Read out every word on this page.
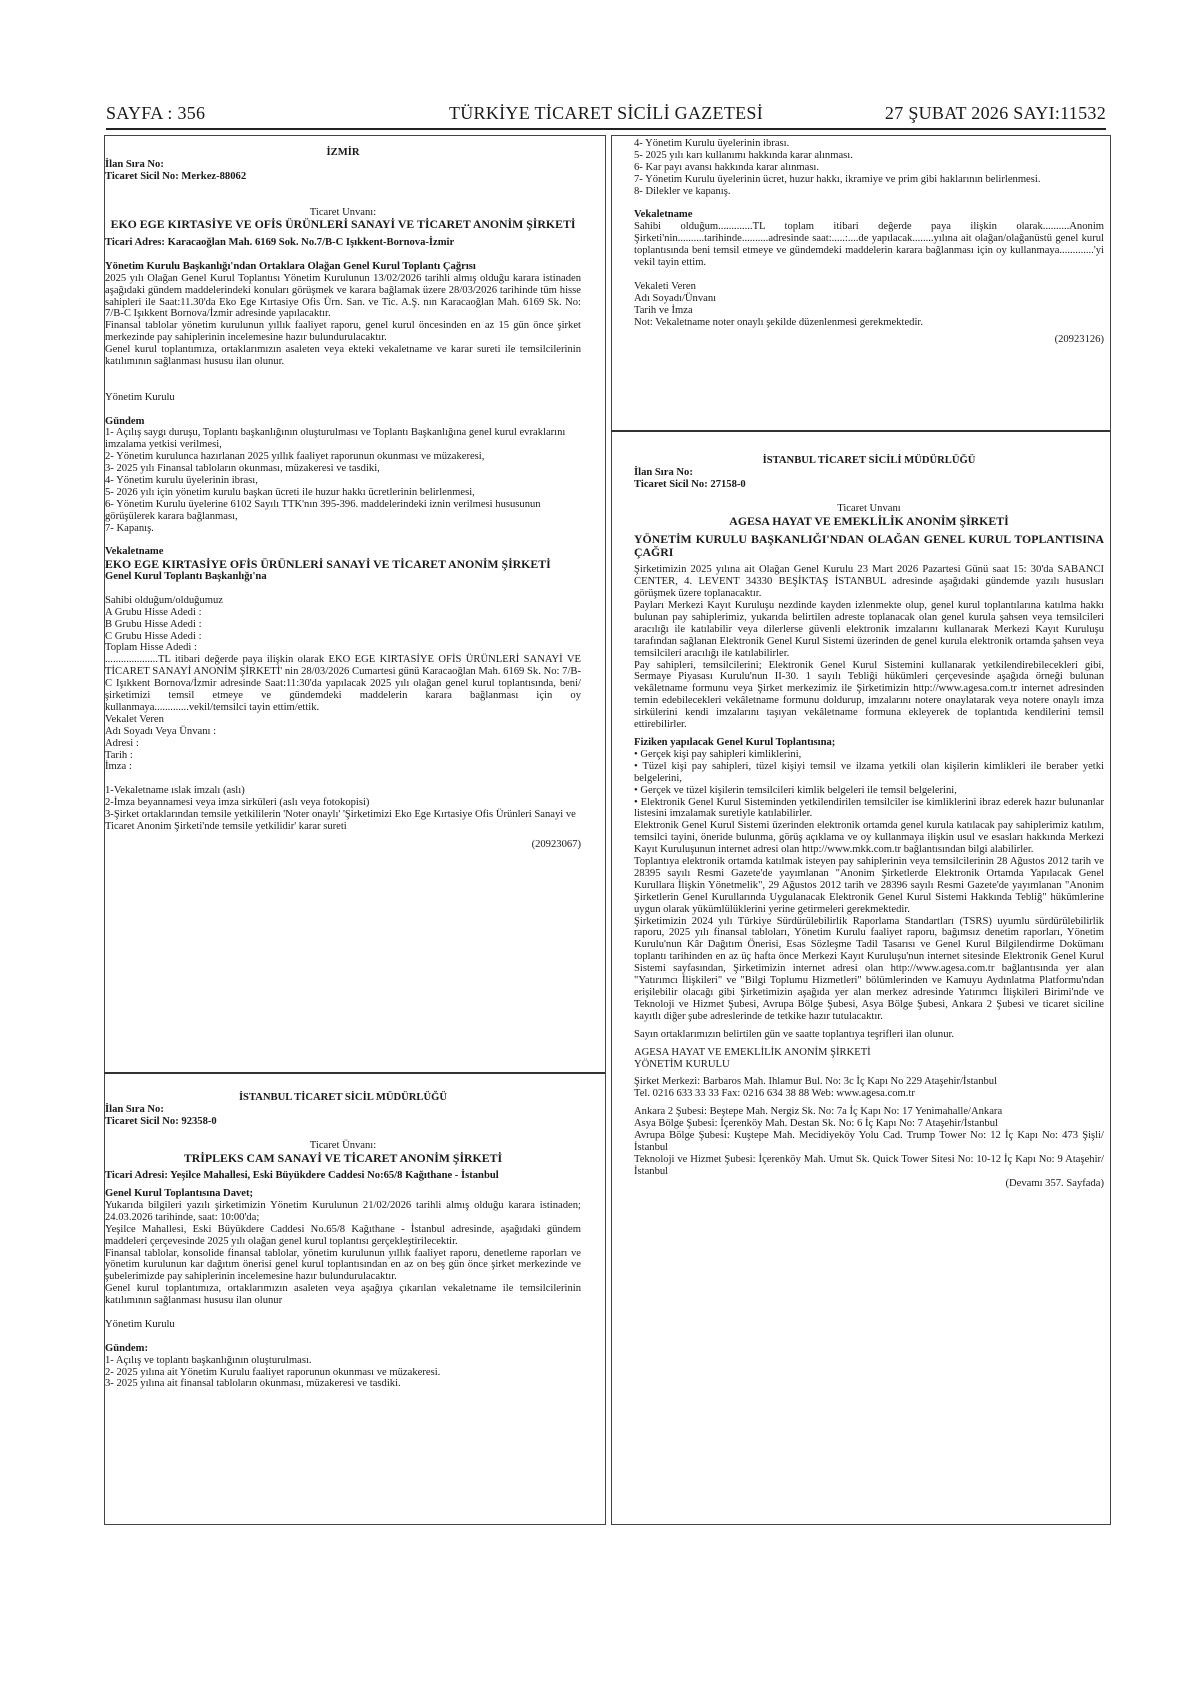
SAYFA : 356	TÜRKİYE TİCARET SİCİLİ GAZETESİ	27 ŞUBAT 2026 SAYI:11532

İZMİR

İlan Sıra No:

Ticaret Sicil No: Merkez-88062

Ticaret Unvanı:

EKO EGE KIRTASİYE VE OFİS ÜRÜNLERİ SANAYİ VE TİCARET ANONİM ŞİRKETİ

Ticari Adres: Karacaoğlan Mah. 6169 Sok. No.7/B-C Işıkkent-Bornova-İzmir

Yönetim Kurulu Başkanlığı'ndan Ortaklara Olağan Genel Kurul Toplantı Çağrısı

2025 yılı Olağan Genel Kurul Toplantısı Yönetim Kurulunun 13/02/2026 tarihli almış olduğu karara istinaden aşağıdaki gündem maddelerindeki konuları görüşmek ve karara bağlamak üzere 28/03/2026 tarihinde tüm hisse sahipleri ile Saat:11.30'da Eko Ege Kırtasiye Ofis Ürn. San. ve Tic. A.Ş. nın Karacaoğlan Mah. 6169 Sk. No: 7/B-C Işıkkent Bornova/İzmir adresinde yapılacaktır.

Finansal tablolar yönetim kurulunun yıllık faaliyet raporu, genel kurul öncesinden en az 15 gün önce şirket merkezinde pay sahiplerinin incelemesine hazır bulundurulacaktır.

Genel kurul toplantımıza, ortaklarımızın asaleten veya ekteki vekaletname ve karar sureti ile temsilcilerinin katılımının sağlanması hususu ilan olunur.

Yönetim Kurulu

Gündem

1- Açılış saygı duruşu, Toplantı başkanlığının oluşturulması ve Toplantı Başkanlığına genel kurul evraklarını imzalama yetkisi verilmesi,

2- Yönetim kurulunca hazırlanan 2025 yıllık faaliyet raporunun okunması ve müzakeresi,

3- 2025 yılı Finansal tabloların okunması, müzakeresi ve tasdiki,

4- Yönetim kurulu üyelerinin ibrası,

5- 2026 yılı için yönetim kurulu başkan ücreti ile huzur hakkı ücretlerinin belirlenmesi,

6- Yönetim Kurulu üyelerine 6102 Sayılı TTK'nın 395-396. maddelerindeki iznin verilmesi hususunun görüşülerek karara bağlanması,

7- Kapanış.

Vekaletname

EKO EGE KIRTASİYE OFİS ÜRÜNLERİ SANAYİ VE TİCARET ANONİM ŞİRKETİ

Genel Kurul Toplantı Başkanlığı'na

Sahibi olduğum/olduğumuz

A Grubu Hisse Adedi :

B Grubu Hisse Adedi :

C Grubu Hisse Adedi :

Toplam Hisse Adedi :

....................TL itibari değerde paya ilişkin olarak EKO EGE KIRTASİYE OFİS ÜRÜNLERİ SANAYİ VE TİCARET SANAYİ ANONİM ŞİRKETİ' nin 28/03/2026 Cumartesi günü Karacaoğlan Mah. 6169 Sk. No: 7/B-C Işıkkent Bornova/İzmir adresinde Saat:11:30'da yapılacak 2025 yılı olağan genel kurul toplantısında, beni/şirketimizi temsil etmeye ve gündemdeki maddelerin karara bağlanması için oy kullanmaya.............vekil/temsilci tayin ettim/ettik.

Vekalet Veren

Adı Soyadı Veya Ünvanı :

Adresi :

Tarih :

İmza :

1-Vekaletname ıslak imzalı (aslı)

2-İmza beyannamesi veya imza sirküleri (aslı veya fotokopisi)

3-Şirket ortaklarından temsile yetkililerin 'Noter onaylı' 'Şirketimizi Eko Ege Kırtasiye Ofis Ürünleri Sanayi ve Ticaret Anonim Şirketi'nde temsile yetkilidir' karar sureti

(20923067)

İSTANBUL TİCARET SİCİL MÜDÜRLÜĞÜ

İlan Sıra No:

Ticaret Sicil No: 92358-0

Ticaret Ünvanı:

TRİPLEKS CAM SANAYİ VE TİCARET ANONİM ŞİRKETİ

Ticari Adresi: Yeşilce Mahallesi, Eski Büyükdere Caddesi No:65/8 Kağıthane - İstanbul

Genel Kurul Toplantısına Davet;

Yukarıda bilgileri yazılı şirketimizin Yönetim Kurulunun 21/02/2026 tarihli almış olduğu karara istinaden; 24.03.2026 tarihinde, saat: 10:00'da;

Yeşilce Mahallesi, Eski Büyükdere Caddesi No.65/8 Kağıthane - İstanbul adresinde, aşağıdaki gündem maddeleri çerçevesinde 2025 yılı olağan genel kurul toplantısı gerçekleştirilecektir.

Finansal tablolar, konsolide finansal tablolar, yönetim kurulunun yıllık faaliyet raporu, denetleme raporları ve yönetim kurulunun kar dağıtım önerisi genel kurul toplantısından en az on beş gün önce şirket merkezinde ve şubelerimizde pay sahiplerinin incelemesine hazır bulundurulacaktır.

Genel kurul toplantımıza, ortaklarımızın asaleten veya aşağıya çıkarılan vekaletname ile temsilcilerinin katılımının sağlanması hususu ilan olunur

Yönetim Kurulu

Gündem:

1- Açılış ve toplantı başkanlığının oluşturulması.

2- 2025 yılına ait Yönetim Kurulu faaliyet raporunun okunması ve müzakeresi.

3- 2025 yılına ait finansal tabloların okunması, müzakeresi ve tasdiki.

4- Yönetim Kurulu üyelerinin ibrası.

5- 2025 yılı karı kullanımı hakkında karar alınması.

6- Kar payı avansı hakkında karar alınması.

7- Yönetim Kurulu üyelerinin ücret, huzur hakkı, ikramiye ve prim gibi haklarının belirlenmesi.

8- Dilekler ve kapanış.

Vekaletname

Sahibi olduğum.............TL toplam itibari değerde paya ilişkin olarak..........Anonim Şirketi'nin..........tarihinde..........adresinde saat:.....:....de yapılacak........yılına ait olağan/olağanüstü genel kurul toplantısında beni temsil etmeye ve gündemdeki maddelerin karara bağlanması için oy kullanmaya.............'yi vekil tayin ettim.

Vekaleti Veren

Adı Soyadı/Ünvanı

Tarih ve İmza

Not: Vekaletname noter onaylı şekilde düzenlenmesi gerekmektedir.

(20923126)

İSTANBUL TİCARET SİCİLİ MÜDÜRLÜĞÜ

İlan Sıra No:

Ticaret Sicil No: 27158-0

Ticaret Unvanı

AGESA HAYAT VE EMEKLİLİK ANONİM ŞİRKETİ

YÖNETİM KURULU BAŞKANLIĞI'NDAN OLAĞAN GENEL KURUL TOPLANTISINA ÇAĞRI

Şirketimizin 2025 yılına ait Olağan Genel Kurulu 23 Mart 2026 Pazartesi Günü saat 15: 30'da SABANCI CENTER, 4. LEVENT 34330 BEŞİKTAŞ İSTANBUL adresinde aşağıdaki gündemde yazılı hususları görüşmek üzere toplanacaktır.

Payları Merkezi Kayıt Kuruluşu nezdinde kayden izlenmekte olup, genel kurul toplantılarına katılma hakkı bulunan pay sahiplerimiz, yukarıda belirtilen adreste toplanacak olan genel kurula şahsen veya temsilcileri aracılığı ile katılabilir veya dilerlerse güvenli elektronik imzalarını kullanarak Merkezi Kayıt Kuruluşu tarafından sağlanan Elektronik Genel Kurul Sistemi üzerinden de genel kurula elektronik ortamda şahsen veya temsilcileri aracılığı ile katılabilirler.

Pay sahipleri, temsilcilerini; Elektronik Genel Kurul Sistemini kullanarak yetkilendirebilecekleri gibi, Sermaye Piyasası Kurulu'nun II-30. 1 sayılı Tebliği hükümleri çerçevesinde aşağıda örneği bulunan vekâletname formunu veya Şirket merkezimiz ile Şirketimizin http://www.agesa.com.tr internet adresinden temin edebilecekleri vekâletname formunu doldurup, imzalarını notere onaylatarak veya notere onaylı imza sirkülerini kendi imzalarını taşıyan vekâletname formuna ekleyerek de toplantıda kendilerini temsil ettirebilirler.

Fiziken yapılacak Genel Kurul Toplantısına;

• Gerçek kişi pay sahipleri kimliklerini,

• Tüzel kişi pay sahipleri, tüzel kişiyi temsil ve ilzama yetkili olan kişilerin kimlikleri ile beraber yetki belgelerini,

• Gerçek ve tüzel kişilerin temsilcileri kimlik belgeleri ile temsil belgelerini,

• Elektronik Genel Kurul Sisteminden yetkilendirilen temsilciler ise kimliklerini ibraz ederek hazır bulunanlar listesini imzalamak suretiyle katılabilirler.

Elektronik Genel Kurul Sistemi üzerinden elektronik ortamda genel kurula katılacak pay sahiplerimiz katılım, temsilci tayini, öneride bulunma, görüş açıklama ve oy kullanmaya ilişkin usul ve esasları hakkında Merkezi Kayıt Kuruluşunun internet adresi olan http://www.mkk.com.tr bağlantısından bilgi alabilirler.

Toplantıya elektronik ortamda katılmak isteyen pay sahiplerinin veya temsilcilerinin 28 Ağustos 2012 tarih ve 28395 sayılı Resmi Gazete'de yayımlanan "Anonim Şirketlerde Elektronik Ortamda Yapılacak Genel Kurullara İlişkin Yönetmelik", 29 Ağustos 2012 tarih ve 28396 sayılı Resmi Gazete'de yayımlanan "Anonim Şirketlerin Genel Kurullarında Uygulanacak Elektronik Genel Kurul Sistemi Hakkında Tebliğ" hükümlerine uygun olarak yükümlülüklerini yerine getirmeleri gerekmektedir.

Şirketimizin 2024 yılı Türkiye Sürdürülebilirlik Raporlama Standartları (TSRS) uyumlu sürdürülebilirlik raporu, 2025 yılı finansal tabloları, Yönetim Kurulu faaliyet raporu, bağımsız denetim raporları, Yönetim Kurulu'nun Kâr Dağıtım Önerisi, Esas Sözleşme Tadil Tasarısı ve Genel Kurul Bilgilendirme Dokümanı toplantı tarihinden en az üç hafta önce Merkezi Kayıt Kuruluşu'nun internet sitesinde Elektronik Genel Kurul Sistemi sayfasından, Şirketimizin internet adresi olan http://www.agesa.com.tr bağlantısında yer alan "Yatırımcı İlişkileri" ve "Bilgi Toplumu Hizmetleri" bölümlerinden ve Kamuyu Aydınlatma Platformu'ndan erişilebilir olacağı gibi Şirketimizin aşağıda yer alan merkez adresinde Yatırımcı İlişkileri Birimi'nde ve Teknoloji ve Hizmet Şubesi, Avrupa Bölge Şubesi, Asya Bölge Şubesi, Ankara 2 Şubesi ve ticaret siciline kayıtlı diğer şube adreslerinde de tetkike hazır tutulacaktır.

Sayın ortaklarımızın belirtilen gün ve saatte toplantıya teşrifleri ilan olunur.

AGESA HAYAT VE EMEKLİLİK ANONİM ŞİRKETİ

YÖNETİM KURULU

Şirket Merkezi: Barbaros Mah. Ihlamur Bul. No: 3c İç Kapı No 229 Ataşehir/İstanbul

Tel. 0216 633 33 33 Fax: 0216 634 38 88 Web: www.agesa.com.tr

Ankara 2 Şubesi: Beştepe Mah. Nergiz Sk. No: 7a İç Kapı No: 17 Yenimahalle/Ankara

Asya Bölge Şubesi: İçerenköy Mah. Destan Sk. No: 6 İç Kapı No: 7 Ataşehir/İstanbul

Avrupa Bölge Şubesi: Kuştepe Mah. Mecidiyeköy Yolu Cad. Trump Tower No: 12 İç Kapı No: 473 Şişli/İstanbul

Teknoloji ve Hizmet Şubesi: İçerenköy Mah. Umut Sk. Quick Tower Sitesi No: 10-12 İç Kapı No: 9 Ataşehir/İstanbul

(Devamı 357. Sayfada)
